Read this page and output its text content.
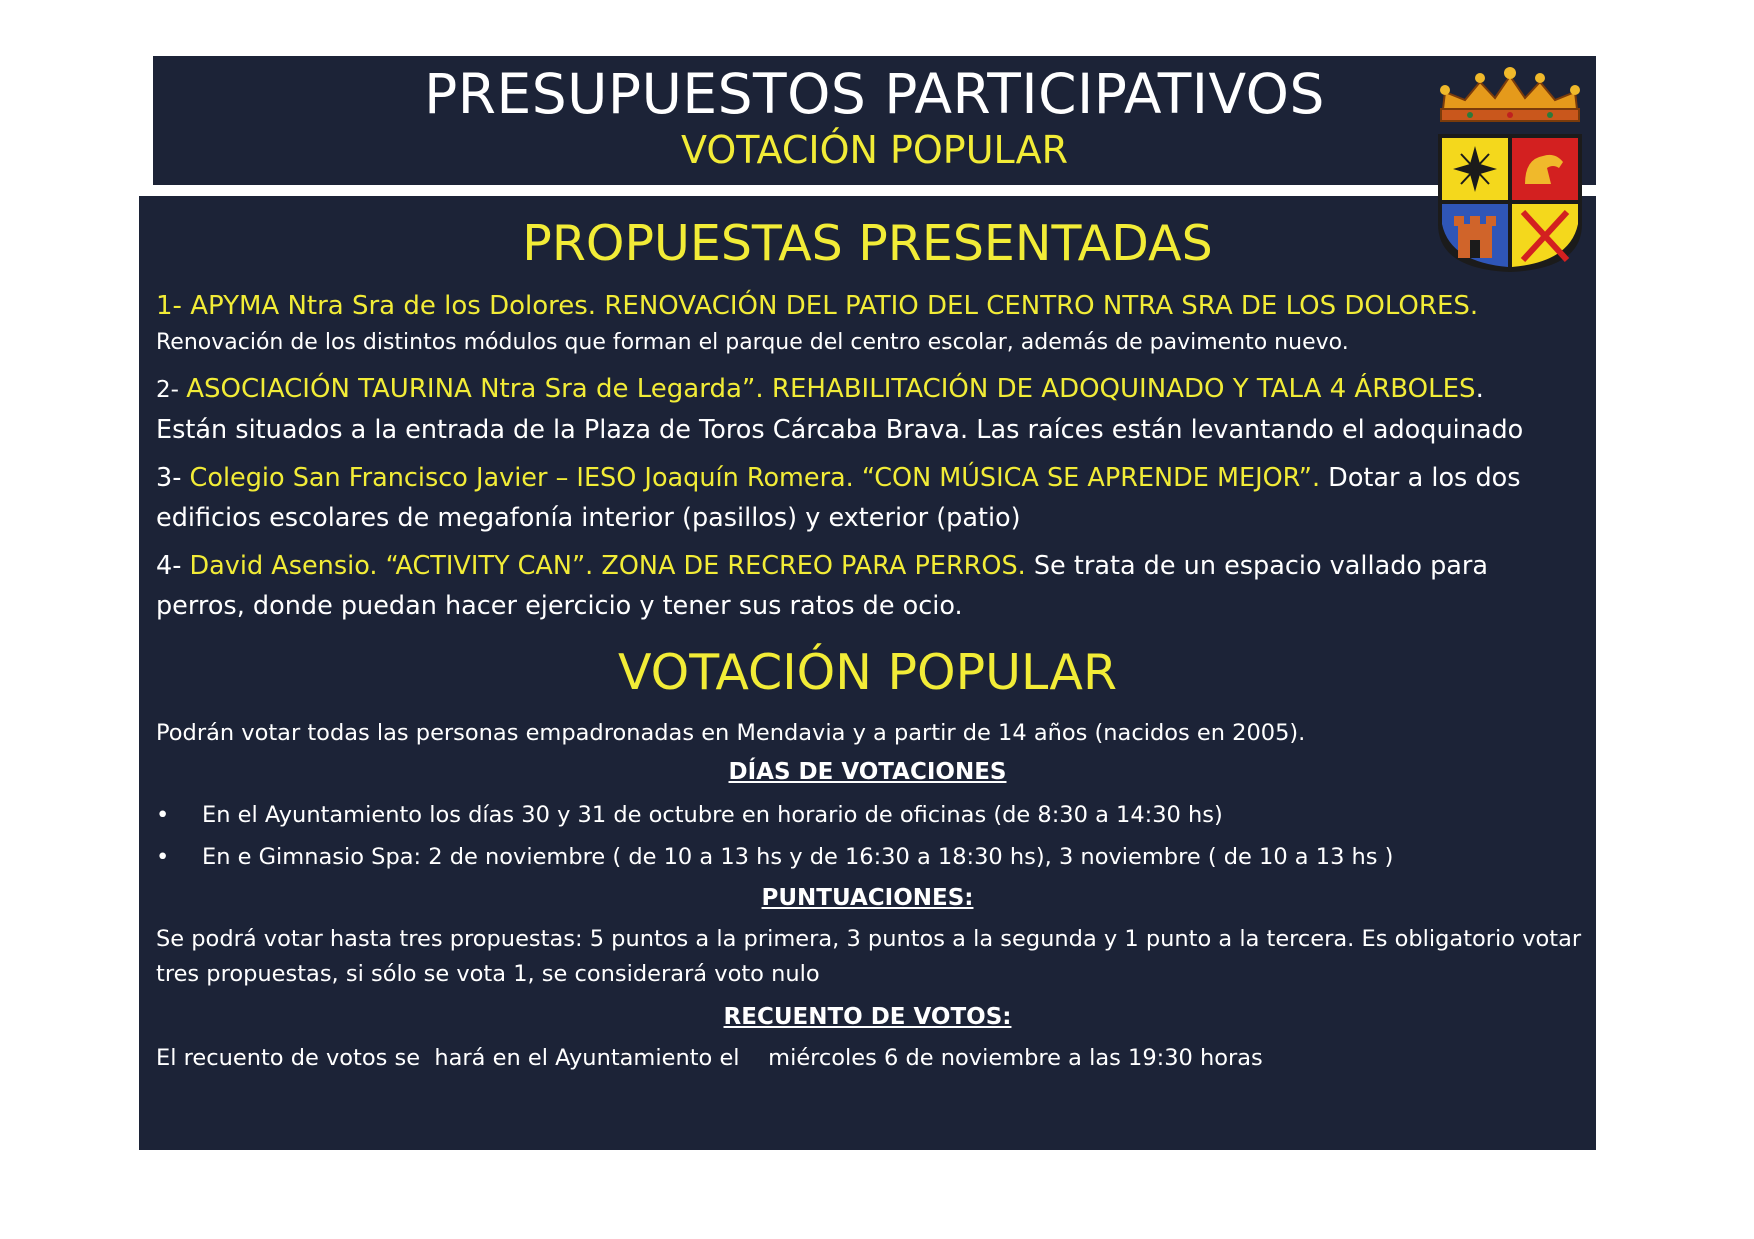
PRESUPUESTOS PARTICIPATIVOS
VOTACIÓN POPULAR
PROPUESTAS PRESENTADAS
1- APYMA Ntra Sra de los Dolores. RENOVACIÓN DEL PATIO DEL CENTRO NTRA SRA DE LOS DOLORES.
Renovación de los distintos módulos que forman el parque del centro escolar, además de pavimento nuevo.
2- ASOCIACIÓN TAURINA Ntra Sra de Legarda”. REHABILITACIÓN DE ADOQUINADO Y TALA 4 ÁRBOLES.
Están situados a la entrada de la Plaza de Toros Cárcaba Brava. Las raíces están levantando el adoquinado
3- Colegio San Francisco Javier – IESO Joaquín Romera. “CON MÚSICA SE APRENDE MEJOR”. Dotar a los dos edificios escolares de megafonía interior (pasillos) y exterior (patio)
4- David Asensio. “ACTIVITY CAN”. ZONA DE RECREO PARA PERROS. Se trata de un espacio vallado para perros, donde puedan hacer ejercicio y tener sus ratos de ocio.
VOTACIÓN POPULAR
Podrán votar todas las personas empadronadas en Mendavia y a partir de 14 años (nacidos en 2005).
DÍAS DE VOTACIONES
• En el Ayuntamiento los días 30 y 31 de octubre en horario de oficinas (de 8:30 a 14:30 hs)
• En e Gimnasio Spa: 2 de noviembre ( de 10 a 13 hs y de 16:30 a 18:30 hs), 3 noviembre ( de 10 a 13 hs )
PUNTUACIONES:
Se podrá votar hasta tres propuestas: 5 puntos a la primera, 3 puntos a la segunda y 1 punto a la tercera. Es obligatorio votar tres propuestas, si sólo se vota 1, se considerará voto nulo
RECUENTO DE VOTOS:
El recuento de votos se  hará en el Ayuntamiento el    miércoles 6 de noviembre a las 19:30 horas
